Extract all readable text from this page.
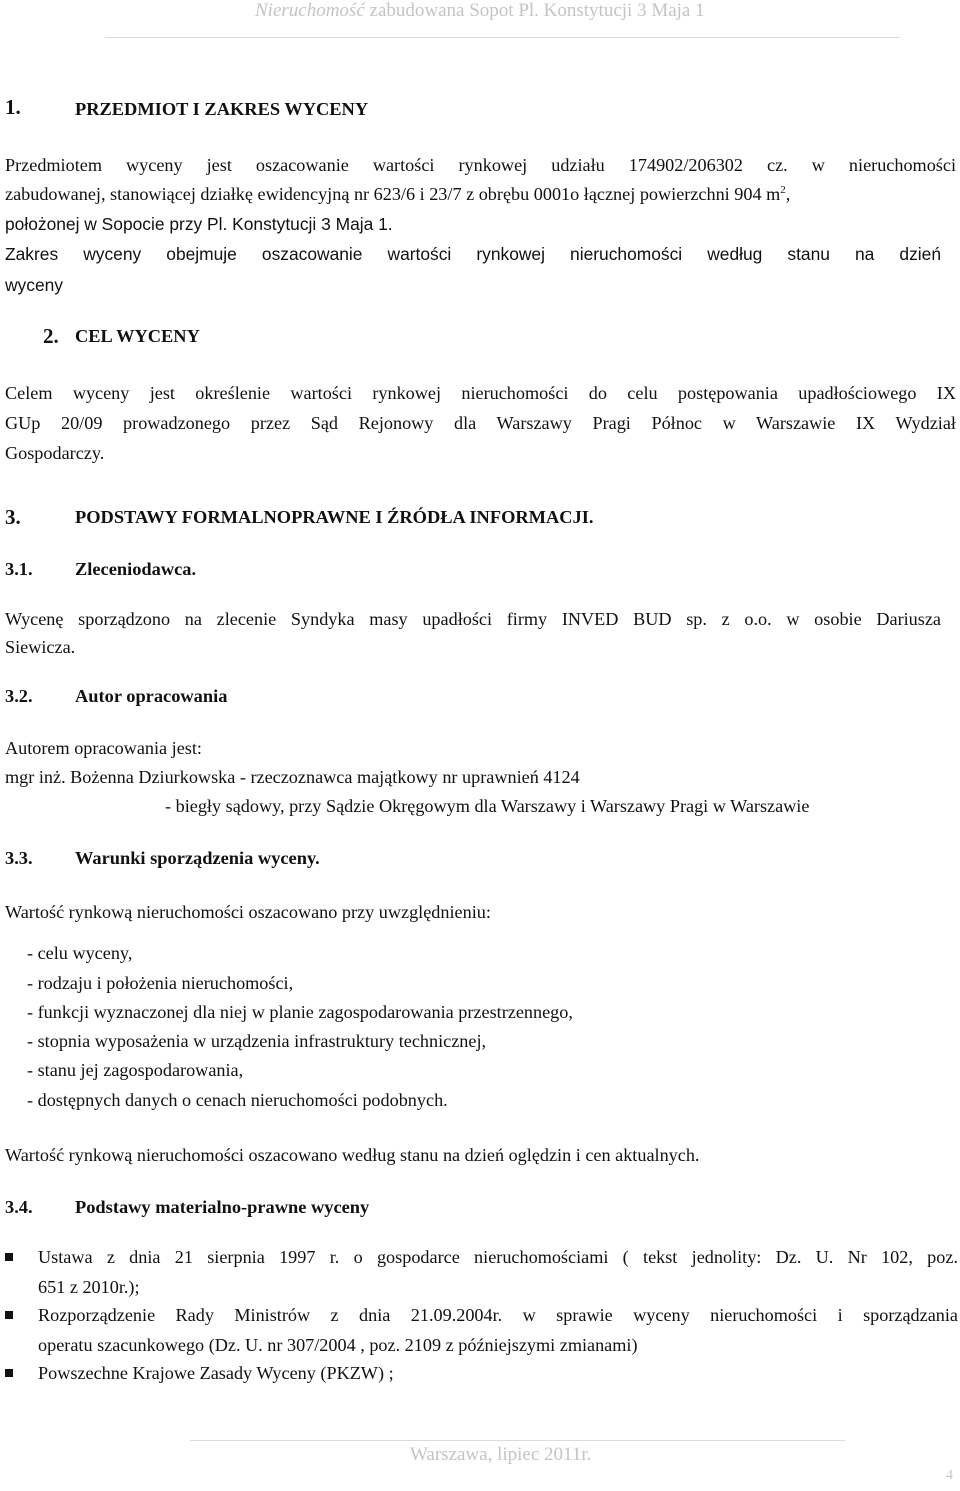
Nieruchomość zabudowana Sopot Pl. Konstytucji 3 Maja 1
1.	PRZEDMIOT I ZAKRES WYCENY
Przedmiotem wyceny jest oszacowanie wartości rynkowej udziału 174902/206302 cz. w nieruchomości
zabudowanej, stanowiącej działkę ewidencyjną nr 623/6 i 23/7 z obrębu 0001o łącznej powierzchni 904 $m^2$,
położonej w Sopocie przy Pl. Konstytucji 3 Maja 1.
Zakres wyceny obejmuje oszacowanie wartości rynkowej nieruchomości według stanu na dzień
wyceny
2. CEL WYCENY
Celem wyceny jest określenie wartości rynkowej nieruchomości do celu postępowania upadłościowego IX
GUp 20/09 prowadzonego przez Sąd Rejonowy dla Warszawy Pragi Północ w Warszawie IX Wydział
Gospodarczy.
3.	PODSTAWY FORMALNOPRAWNE I ŹRÓDŁA INFORMACJI.
3.1. Zleceniodawca.
Wycenę sporządzono na zlecenie Syndyka masy upadłości firmy INVED BUD sp. z o.o. w osobie Dariusza
Siewicza.
3.2. Autor opracowania
Autorem opracowania jest:
mgr inż. Bożenna Dziurkowska - rzeczoznawca majątkowy nr uprawnień 4124
- biegły sądowy, przy Sądzie Okręgowym dla Warszawy i Warszawy Pragi w Warszawie
3.3. Warunki sporządzenia wyceny.
Wartość rynkową nieruchomości oszacowano przy uwzględnieniu:
- celu wyceny,
- rodzaju i położenia nieruchomości,
- funkcji wyznaczonej dla niej w planie zagospodarowania przestrzennego,
- stopnia wyposażenia w urządzenia infrastruktury technicznej,
- stanu jej zagospodarowania,
- dostępnych danych o cenach nieruchomości podobnych.
Wartość rynkową nieruchomości oszacowano według stanu na dzień oględzin i cen aktualnych.
3.4. Podstawy materialno-prawne wyceny
Ustawa z dnia 21 sierpnia 1997 r. o gospodarce nieruchomościami ( tekst jednolity: Dz. U. Nr 102, poz.
651 z 2010r.);
Rozporządzenie Rady Ministrów z dnia 21.09.2004r. w sprawie wyceny nieruchomości i sporządzania
operatu szacunkowego (Dz. U. nr 307/2004 , poz. 2109 z późniejszymi zmianami)
Powszechne Krajowe Zasady Wyceny (PKZW) ;
Warszawa, lipiec 2011r.
4
